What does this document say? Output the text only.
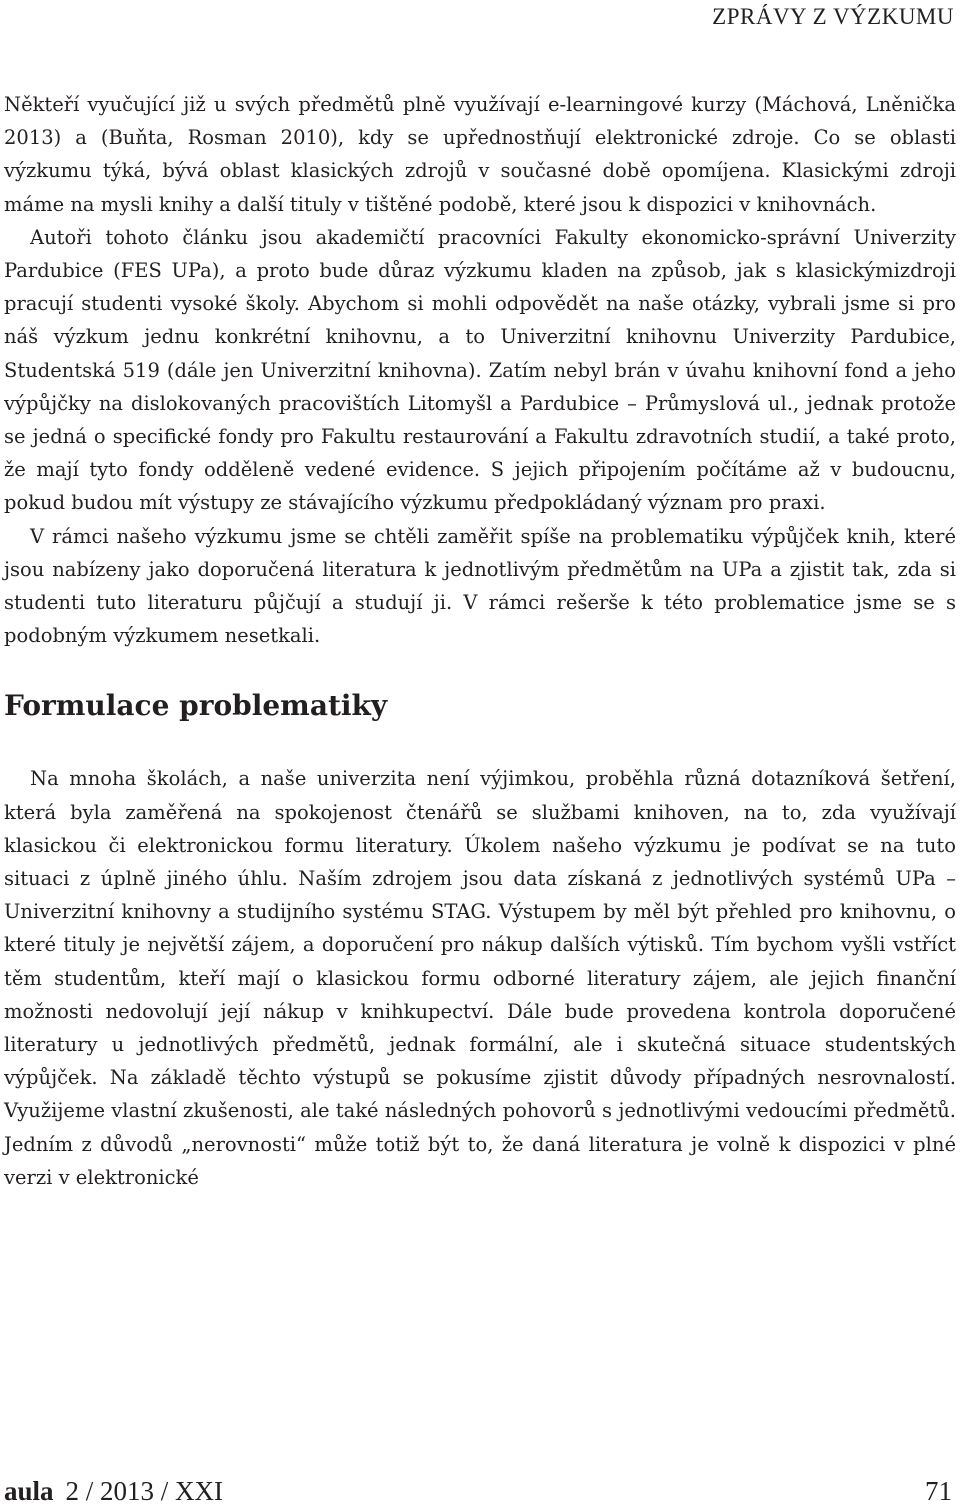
ZPRÁVY Z VÝZKUMU

Někteří vyučující již u svých předmětů plně využívají e-learningové kurzy (Máchová, Lněnička 2013) a (Buňta, Rosman 2010), kdy se upřednostňují elektronické zdroje. Co se oblasti výzkumu týká, bývá oblast klasických zdrojů v současné době opomíjena. Klasickými zdroji máme na mysli knihy a další tituly v tištěné podobě, které jsou k dispozici v knihovnách.

Autoři tohoto článku jsou akademičtí pracovníci Fakulty ekonomicko-správní Univerzity Pardubice (FES UPa), a proto bude důraz výzkumu kladen na způsob, jak s klasickýmizdroji pracují studenti vysoké školy. Abychom si mohli odpovědět na naše otázky, vybrali jsme si pro náš výzkum jednu konkrétní knihovnu, a to Univerzitní knihovnu Univerzity Pardubice, Studentská 519 (dále jen Univerzitní knihovna). Zatím nebyl brán v úvahu knihovní fond a jeho výpůjčky na dislokovaných pracovištích Litomyšl a Pardubice – Průmyslová ul., jednak protože se jedná o specifické fondy pro Fakultu restaurování a Fakultu zdravotních studií, a také proto, že mají tyto fondy odděleně vedené evidence. S jejich připojením počítáme až v budoucnu, pokud budou mít výstupy ze stávajícího výzkumu předpokládaný význam pro praxi.

V rámci našeho výzkumu jsme se chtěli zaměřit spíše na problematiku výpůjček knih, které jsou nabízeny jako doporučená literatura k jednotlivým předmětům na UPa a zjistit tak, zda si studenti tuto literaturu půjčují a studují ji. V rámci rešerše k této problematice jsme se s podobným výzkumem nesetkali.

Formulace problematiky

Na mnoha školách, a naše univerzita není výjimkou, proběhla různá dotazníková šetření, která byla zaměřená na spokojenost čtenářů se službami knihoven, na to, zda využívají klasickou či elektronickou formu literatury. Úkolem našeho výzkumu je podívat se na tuto situaci z úplně jiného úhlu. Naším zdrojem jsou data získaná z jednotlivých systémů UPa – Univerzitní knihovny a studijního systému STAG. Výstupem by měl být přehled pro knihovnu, o které tituly je největší zájem, a doporučení pro nákup dalších výtisků. Tím bychom vyšli vstříct těm studentům, kteří mají o klasickou formu odborné literatury zájem, ale jejich finanční možnosti nedovolují její nákup v knihkupectví. Dále bude provedena kontrola doporučené literatury u jednotlivých předmětů, jednak formální, ale i skutečná situace studentských výpůjček. Na základě těchto výstupů se pokusíme zjistit důvody případných nesrovnalostí. Využijeme vlastní zkušenosti, ale také následných pohovorů s jednotlivými vedoucími předmětů. Jedním z důvodů „nerovnosti“ může totiž být to, že daná literatura je volně k dispozici v plné verzi v elektronické

aula 2 / 2013 / XXI	71
